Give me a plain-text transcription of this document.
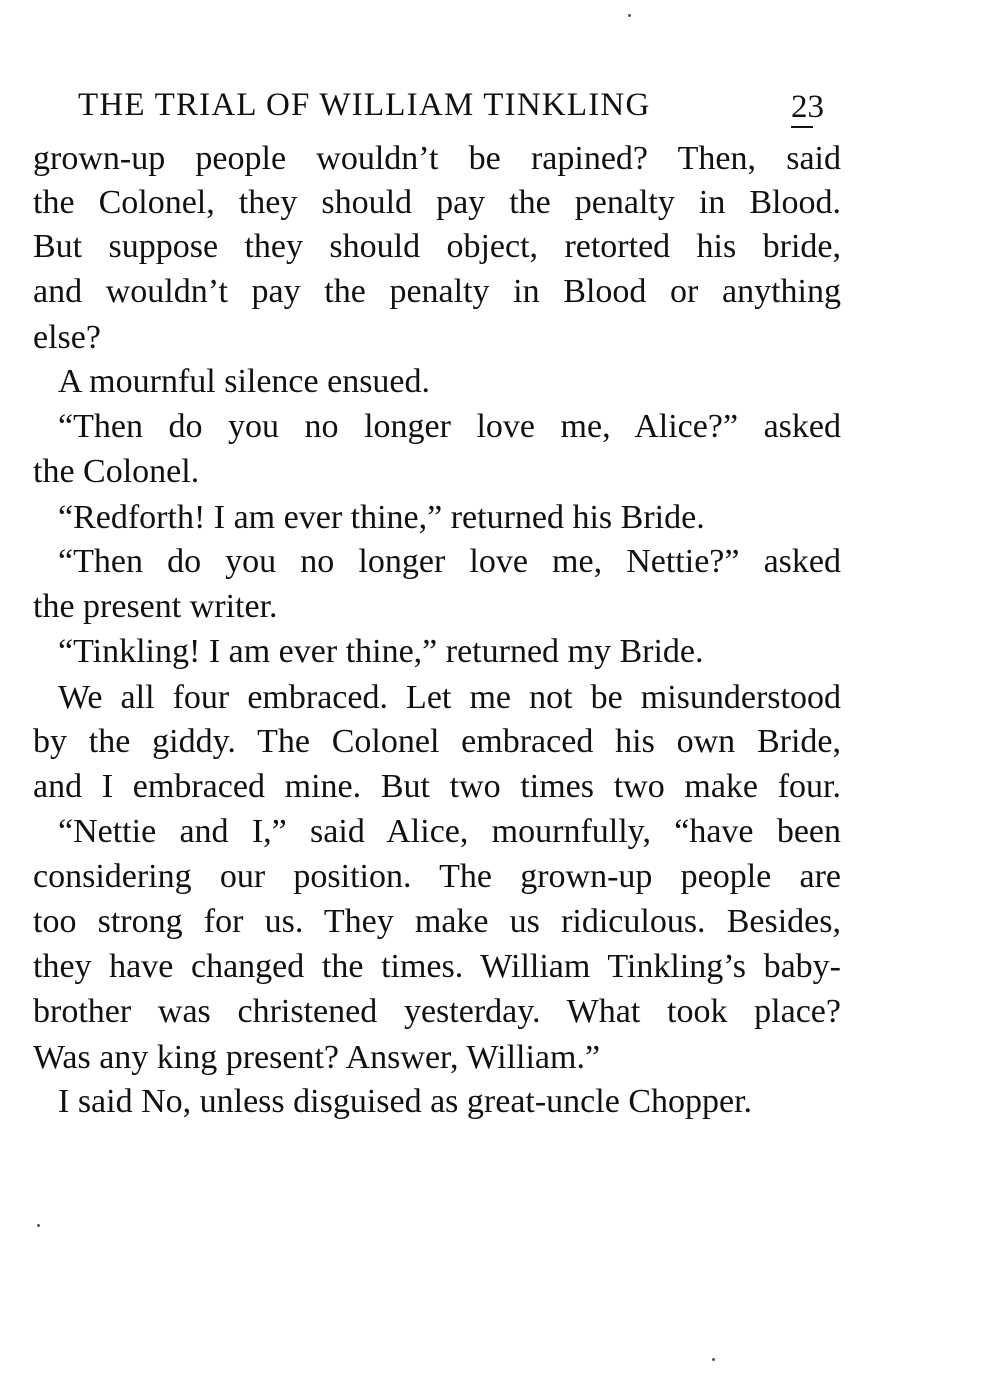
THE TRIAL OF WILLIAM TINKLING	23
grown-up people wouldn’t be rapined? Then, said
the Colonel, they should pay the penalty in Blood.
But suppose they should object, retorted his bride,
and wouldn’t pay the penalty in Blood or anything
else?
A mournful silence ensued.
“Then do you no longer love me, Alice?” asked
the Colonel.
“Redforth! I am ever thine,” returned his Bride.
“Then do you no longer love me, Nettie?” asked
the present writer.
“Tinkling! I am ever thine,” returned my Bride.
We all four embraced. Let me not be misunderstood
by the giddy. The Colonel embraced his own Bride,
and I embraced mine. But two times two make four.
“Nettie and I,” said Alice, mournfully, “have been
considering our position. The grown-up people are
too strong for us. They make us ridiculous. Besides,
they have changed the times. William Tinkling’s baby-
brother was christened yesterday. What took place?
Was any king present? Answer, William.”
I said No, unless disguised as great-uncle Chopper.
